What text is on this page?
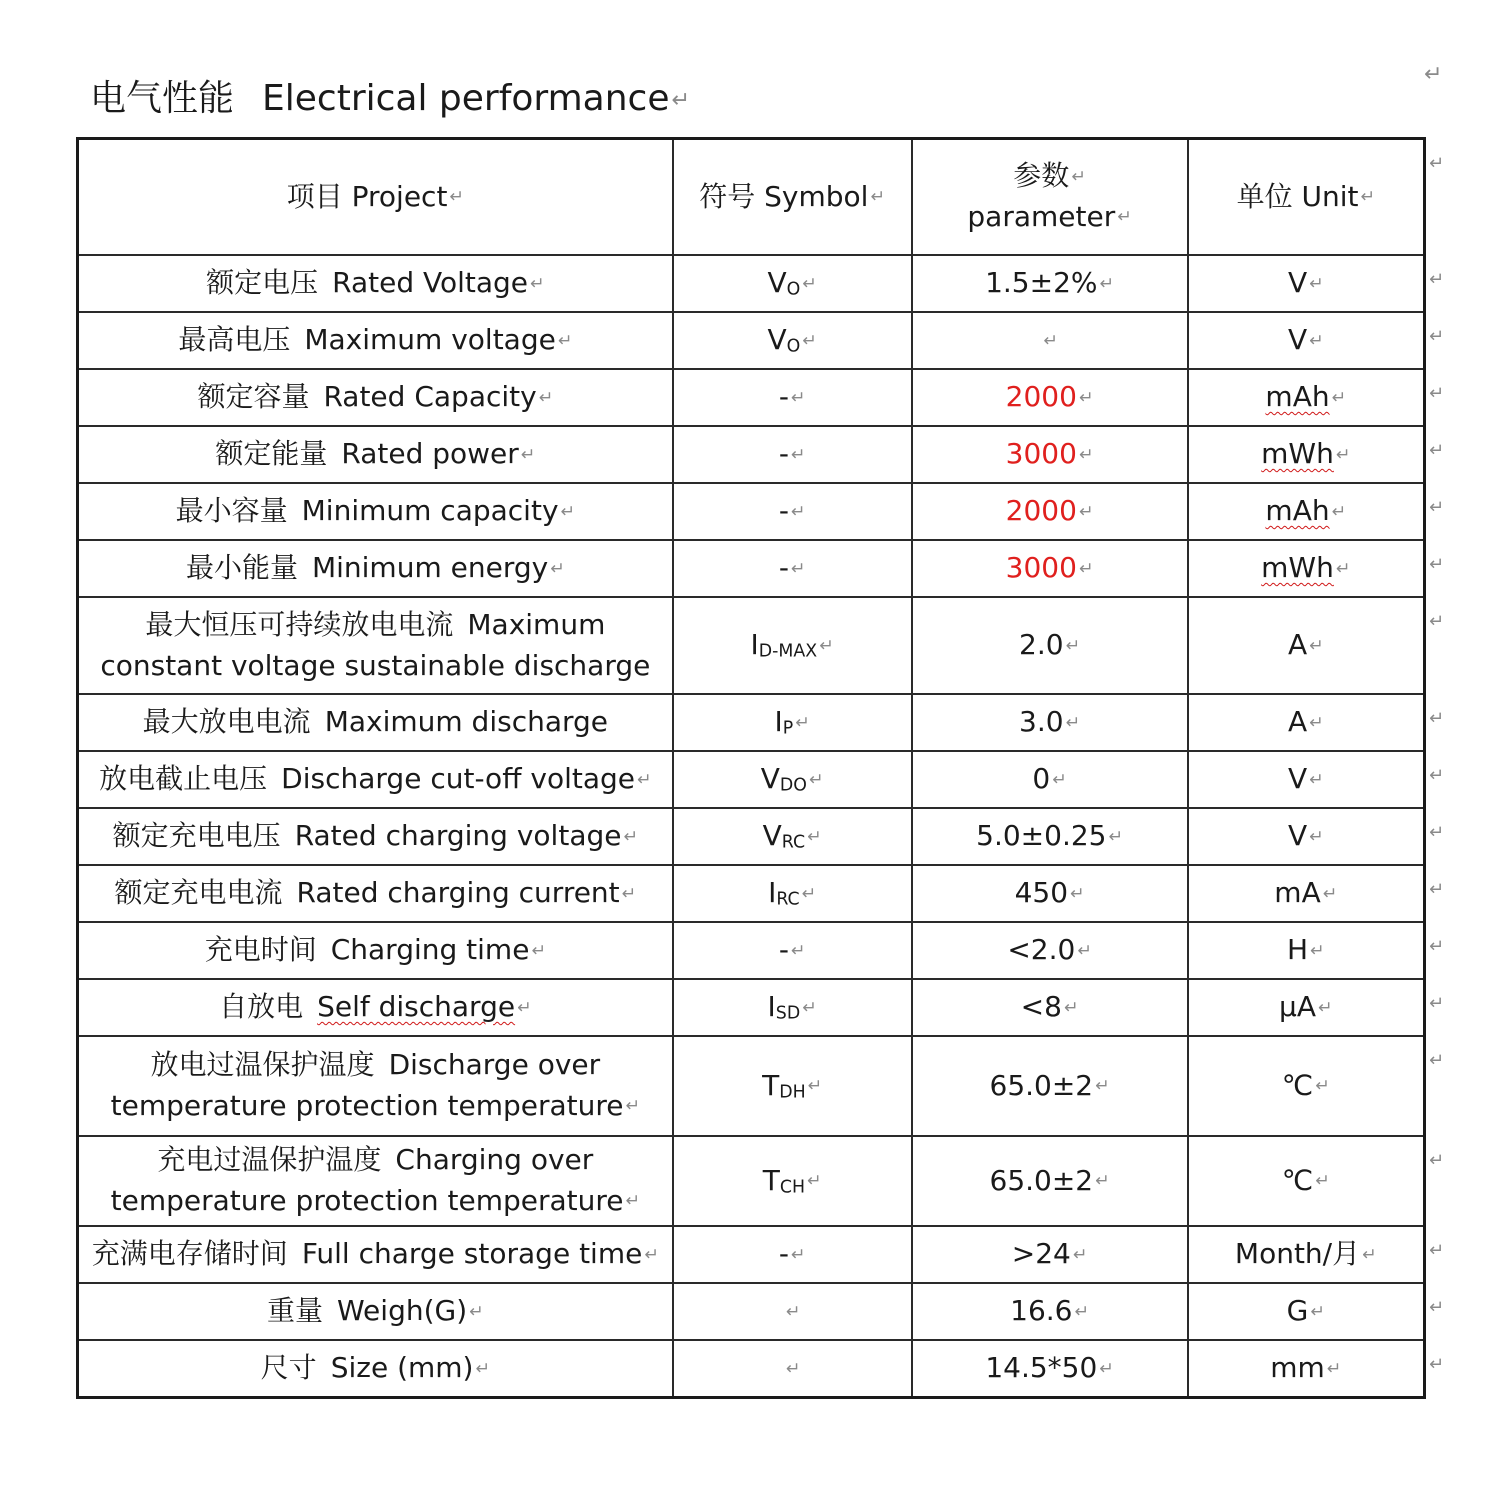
电气性能 Electrical performance↵
↵
项目 Project ↵	符号 Symbol ↵	参数 ↵
parameter ↵	单位 Unit ↵
额定电压  Rated Voltage ↵	VO ↵	1.5±2% ↵	V ↵
最高电压  Maximum voltage ↵	VO ↵	↵	V ↵
额定容量  Rated Capacity ↵	- ↵	2000 ↵	mAh ↵
额定能量  Rated power ↵	- ↵	3000 ↵	mWh ↵
最小容量  Minimum capacity ↵	- ↵	2000 ↵	mAh ↵
最小能量  Minimum energy ↵	- ↵	3000 ↵	mWh ↵
最大恒压可持续放电电流  Maximum constant voltage sustainable discharge	ID-MAX ↵	2.0 ↵	A ↵
最大放电电流  Maximum discharge	IP ↵	3.0 ↵	A ↵
放电截止电压  Discharge cut-off voltage ↵	VDO ↵	0 ↵	V ↵
额定充电电压  Rated charging voltage ↵	VRC ↵	5.0±0.25 ↵	V ↵
额定充电电流  Rated charging current ↵	IRC ↵	450 ↵	mA ↵
充电时间  Charging time ↵	- ↵	<2.0 ↵	H ↵
自放电  Self discharge ↵	ISD ↵	<8 ↵	μA ↵
放电过温保护温度  Discharge over temperature protection temperature ↵	TDH ↵	65.0±2 ↵	℃ ↵
充电过温保护温度  Charging over temperature protection temperature ↵	TCH ↵	65.0±2 ↵	℃ ↵
充满电存储时间  Full charge storage time ↵	- ↵	>24 ↵	Month/月 ↵
重量  Weigh(G) ↵	↵	16.6 ↵	G ↵
尺寸  Size (mm) ↵	↵	14.5*50 ↵	mm ↵
↵
↵
↵
↵
↵
↵
↵
↵
↵
↵
↵
↵
↵
↵
↵
↵
↵
↵
↵
